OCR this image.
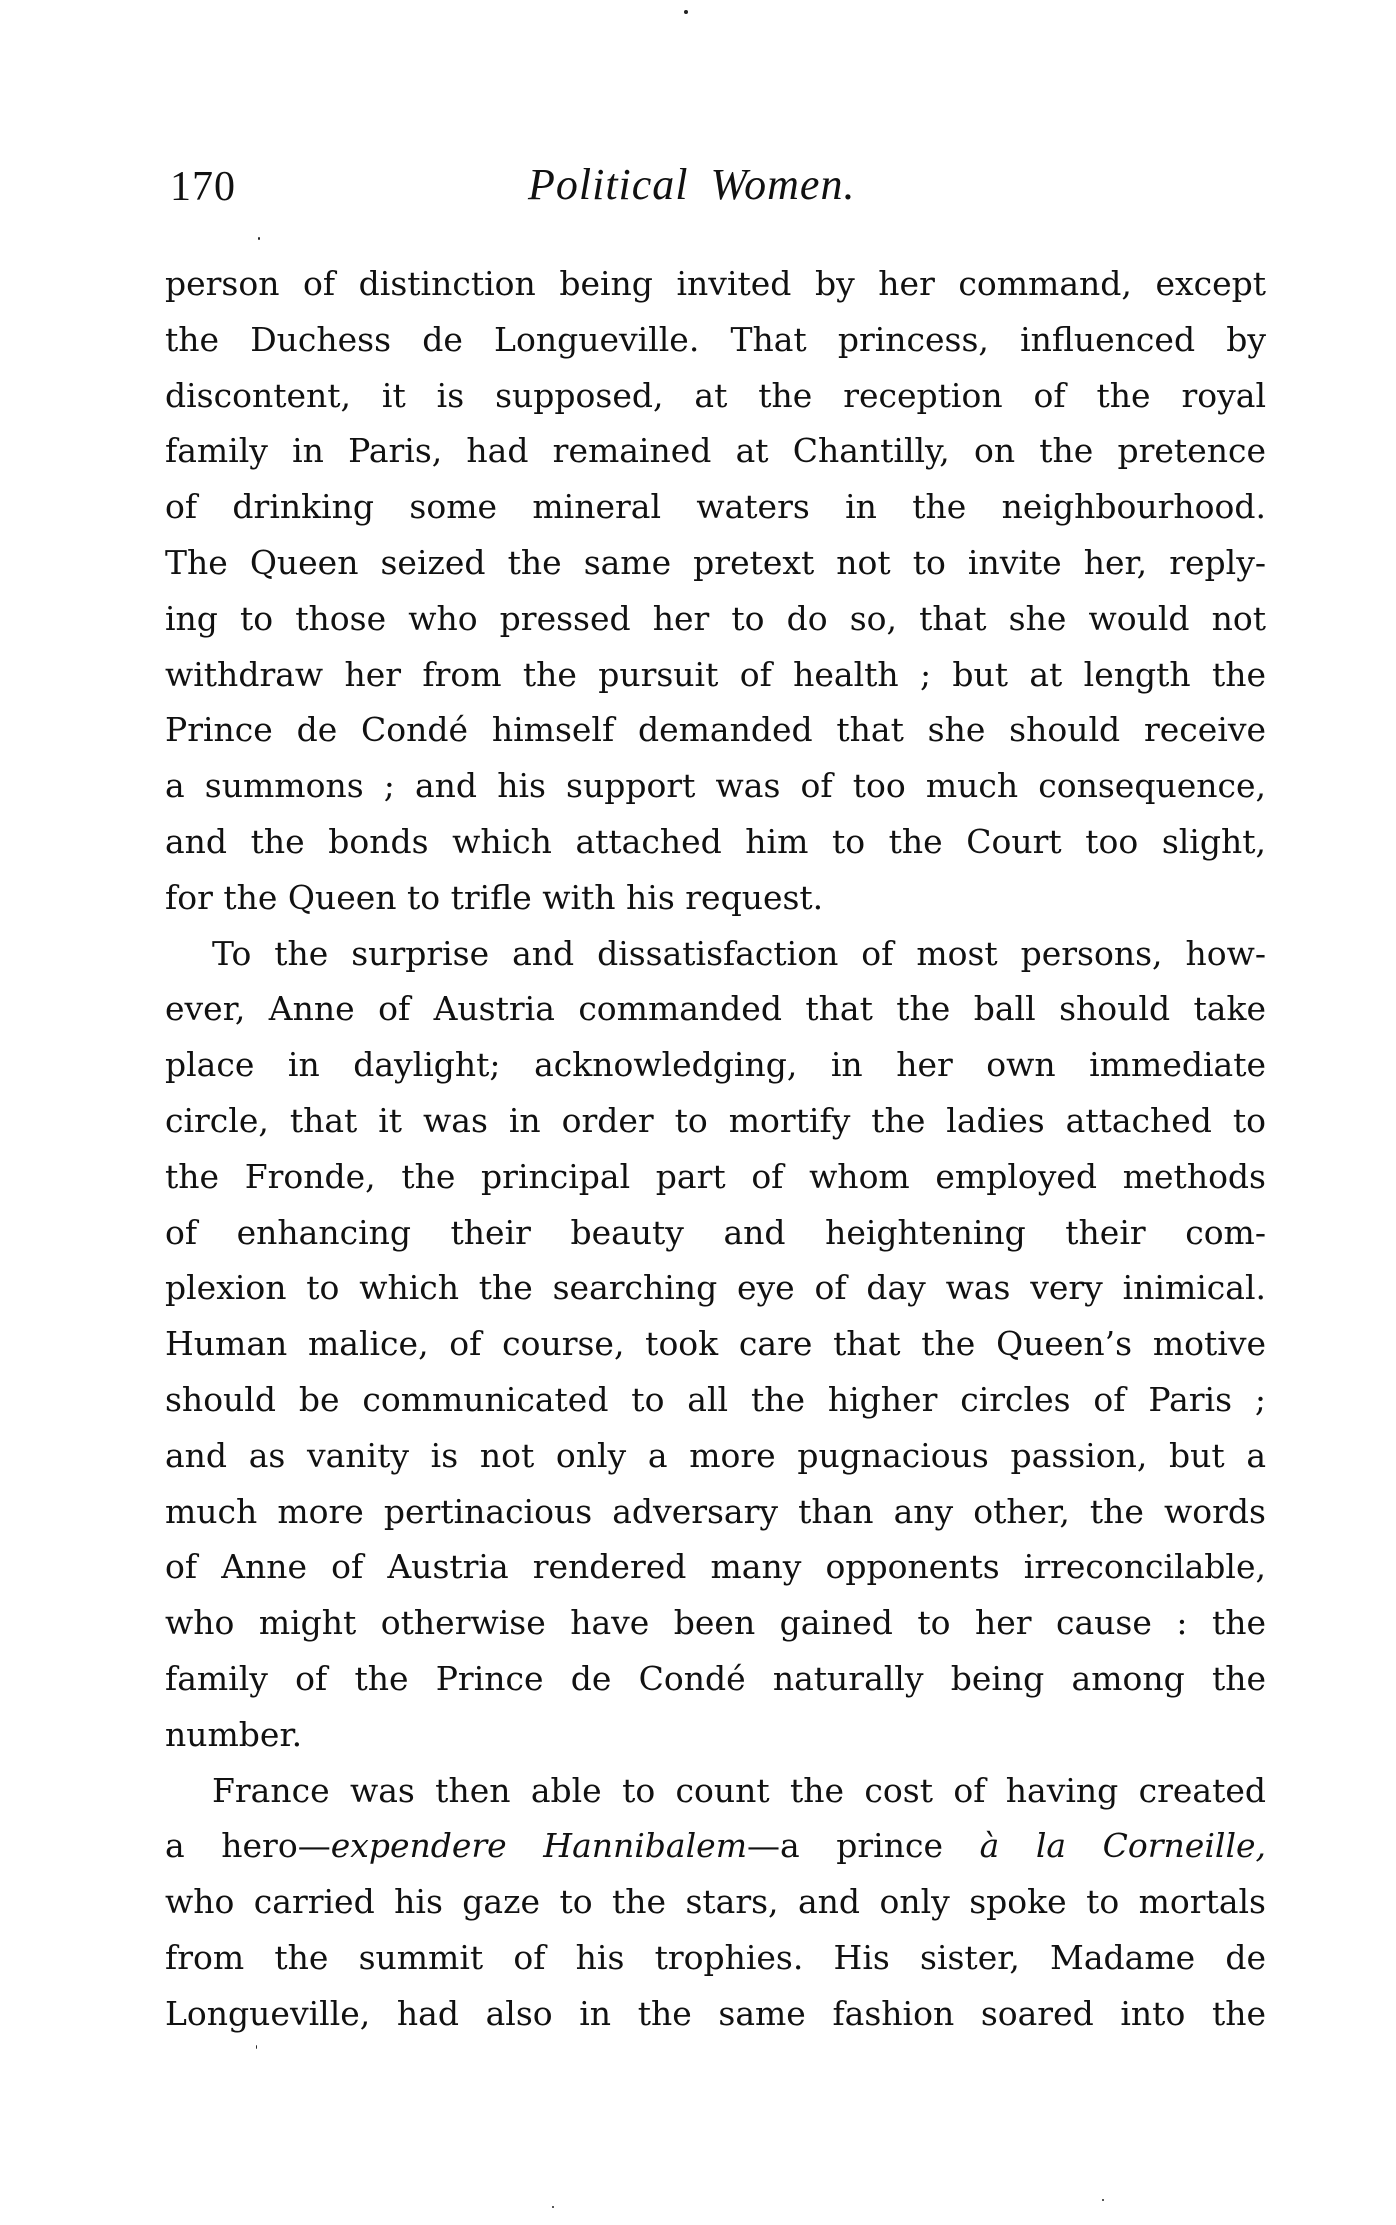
170	Political Women.
person of distinction being invited by her command, except
the Duchess de Longueville. That princess, influenced by
discontent, it is supposed, at the reception of the royal
family in Paris, had remained at Chantilly, on the pretence
of drinking some mineral waters in the neighbourhood.
The Queen seized the same pretext not to invite her, reply-
ing to those who pressed her to do so, that she would not
withdraw her from the pursuit of health ; but at length the
Prince de Condé himself demanded that she should receive
a summons ; and his support was of too much consequence,
and the bonds which attached him to the Court too slight,
for the Queen to trifle with his request.
To the surprise and dissatisfaction of most persons, how-
ever, Anne of Austria commanded that the ball should take
place in daylight; acknowledging, in her own immediate
circle, that it was in order to mortify the ladies attached to
the Fronde, the principal part of whom employed methods
of enhancing their beauty and heightening their com-
plexion to which the searching eye of day was very inimical.
Human malice, of course, took care that the Queen’s motive
should be communicated to all the higher circles of Paris ;
and as vanity is not only a more pugnacious passion, but a
much more pertinacious adversary than any other, the words
of Anne of Austria rendered many opponents irreconcilable,
who might otherwise have been gained to her cause : the
family of the Prince de Condé naturally being among the
number.
France was then able to count the cost of having created
a hero—expendere Hannibalem—a prince à la Corneille,
who carried his gaze to the stars, and only spoke to mortals
from the summit of his trophies. His sister, Madame de
Longueville, had also in the same fashion soared into the
